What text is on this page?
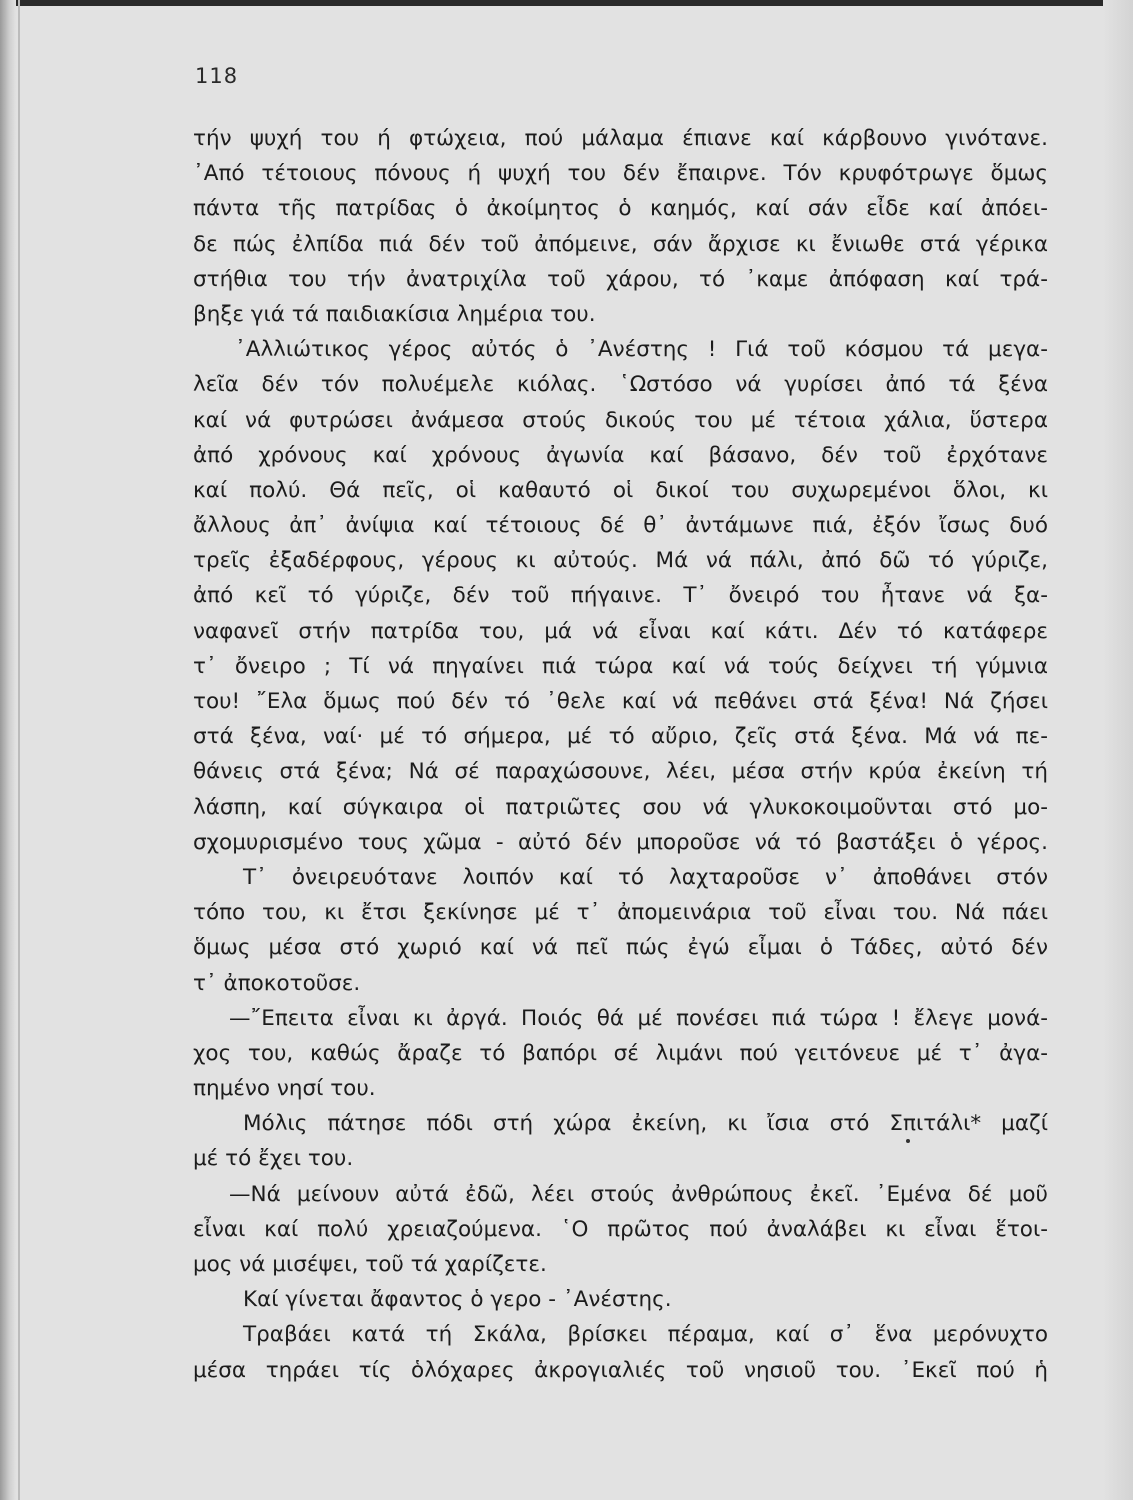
118
τήν ψυχή του ή φτώχεια, πού μάλαμα έπιανε καί κάρβουνο γινότανε.
᾿Από τέτοιους πόνους ή ψυχή του δέν ἔπαιρνε. Τόν κρυφότρωγε ὅμως
πάντα τῆς πατρίδας ὁ ἀκοίμητος ὁ καημός, καί σάν εἶδε καί ἀπόει-
δε πώς ἐλπίδα πιά δέν τοῦ ἀπόμεινε, σάν ἄρχισε κι ἔνιωθε στά γέρικα
στήθια του τήν ἀνατριχίλα τοῦ χάρου, τό ᾿καμε ἀπόφαση καί τρά-
βηξε γιά τά παιδιακίσια λημέρια του.
᾿Αλλιώτικος γέρος αὐτός ὁ ᾿Ανέστης ! Γιά τοῦ κόσμου τά μεγα-
λεῖα δέν τόν πολυέμελε κιόλας. ῾Ωστόσο νά γυρίσει ἀπό τά ξένα
καί νά φυτρώσει ἀνάμεσα στούς δικούς του μέ τέτοια χάλια, ὕστερα
ἀπό χρόνους καί χρόνους ἀγωνία καί βάσανο, δέν τοῦ ἐρχότανε
καί πολύ. Θά πεῖς, οἱ καθαυτό οἱ δικοί του συχωρεμένοι ὅλοι, κι
ἄλλους ἀπ᾿ ἀνίψια καί τέτοιους δέ θ᾿ ἀντάμωνε πιά, ἐξόν ἴσως δυό
τρεῖς ἐξαδέρφους, γέρους κι αὐτούς. Μά νά πάλι, ἀπό δῶ τό γύριζε,
ἀπό κεῖ τό γύριζε, δέν τοῦ πήγαινε. Τ᾿ ὄνειρό του ἦτανε νά ξα-
ναφανεῖ στήν πατρίδα του, μά νά εἶναι καί κάτι. Δέν τό κατάφερε
τ᾿ ὄνειρο ; Τί νά πηγαίνει πιά τώρα καί νά τούς δείχνει τή γύμνια
του! ῎Ελα ὅμως πού δέν τό ᾿θελε καί νά πεθάνει στά ξένα! Νά ζήσει
στά ξένα, ναί· μέ τό σήμερα, μέ τό αὔριο, ζεῖς στά ξένα. Μά νά πε-
θάνεις στά ξένα; Νά σέ παραχώσουνε, λέει, μέσα στήν κρύα ἐκείνη τή
λάσπη, καί σύγκαιρα οἱ πατριῶτες σου νά γλυκοκοιμοῦνται στό μο-
σχομυρισμένο τους χῶμα - αὐτό δέν μποροῦσε νά τό βαστάξει ὁ γέρος.
Τ᾿ ὀνειρευότανε λοιπόν καί τό λαχταροῦσε ν᾿ ἀποθάνει στόν
τόπο του, κι ἔτσι ξεκίνησε μέ τ᾿ ἀπομεινάρια τοῦ εἶναι του. Νά πάει
ὅμως μέσα στό χωριό καί νά πεῖ πώς ἐγώ εἶμαι ὁ Τάδες, αὐτό δέν
τ᾿ ἀποκοτοῦσε.
—῎Επειτα εἶναι κι ἀργά. Ποιός θά μέ πονέσει πιά τώρα ! ἔλεγε μονά-
χος του, καθώς ἄραζε τό βαπόρι σέ λιμάνι πού γειτόνευε μέ τ᾿ ἀγα-
πημένο νησί του.
Μόλις πάτησε πόδι στή χώρα ἐκείνη, κι ἴσια στό Σπιτάλι* μαζί
μέ τό ἔχει του.
—Νά μείνουν αὐτά ἐδῶ, λέει στούς ἀνθρώπους ἐκεῖ. ᾿Εμένα δέ μοῦ
εἶναι καί πολύ χρειαζούμενα. ῾Ο πρῶτος πού ἀναλάβει κι εἶναι ἕτοι-
μος νά μισέψει, τοῦ τά χαρίζετε.
Καί γίνεται ἄφαντος ὁ γερο - ᾿Ανέστης.
Τραβάει κατά τή Σκάλα, βρίσκει πέραμα, καί σ᾿ ἕνα μερόνυχτο
μέσα τηράει τίς ὁλόχαρες ἀκρογιαλιές τοῦ νησιοῦ του. ᾿Εκεῖ πού ἡ
